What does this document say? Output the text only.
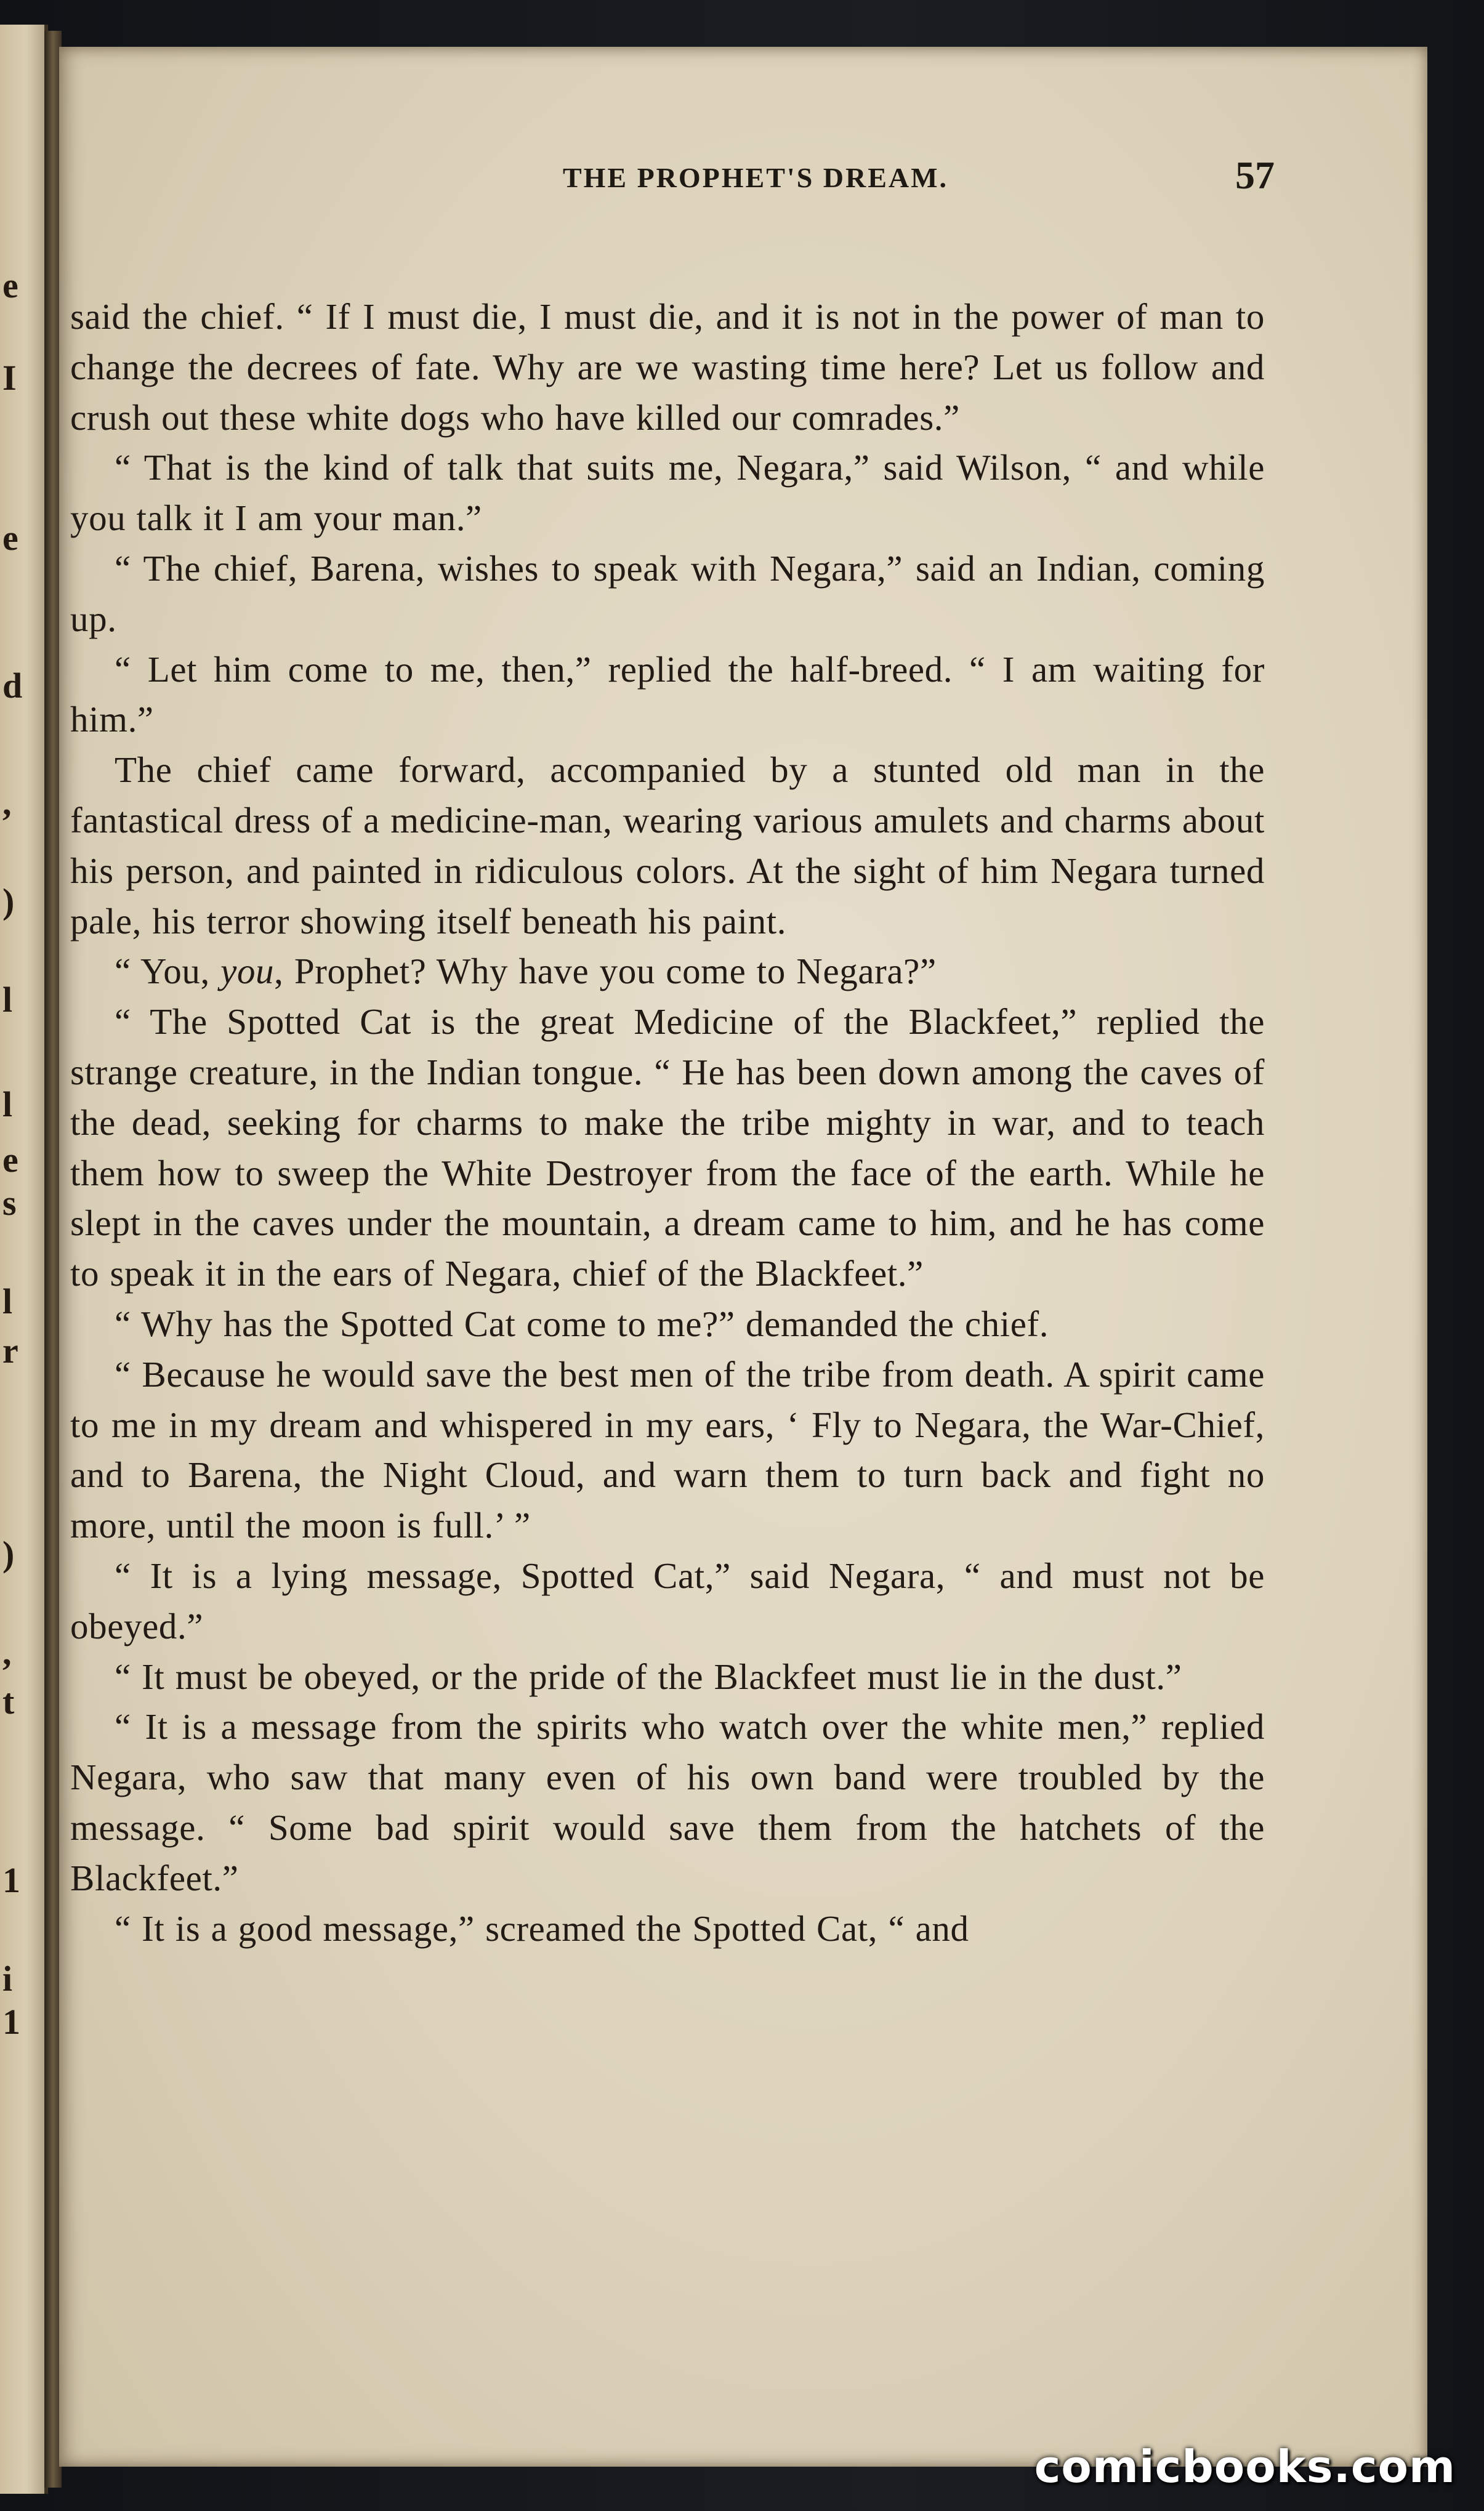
e
I
e
d
,
)
l
l
e
s
l
r
)
,
t
1
i
1
THE PROPHET'S DREAM.	57

said the chief. “ If I must die, I must die, and it is not in the power of man to change the decrees of fate. Why are we wasting time here? Let us follow and crush out these white dogs who have killed our comrades.”

“ That is the kind of talk that suits me, Negara,” said Wilson, “ and while you talk it I am your man.”

“ The chief, Barena, wishes to speak with Negara,” said an Indian, coming up.

“ Let him come to me, then,” replied the half-breed. “ I am waiting for him.”

The chief came forward, accompanied by a stunted old man in the fantastical dress of a medicine-man, wearing various amulets and charms about his person, and painted in ridiculous colors. At the sight of him Negara turned pale, his terror showing itself beneath his paint.

“ You, you, Prophet? Why have you come to Negara?”

“ The Spotted Cat is the great Medicine of the Blackfeet,” replied the strange creature, in the Indian tongue. “ He has been down among the caves of the dead, seeking for charms to make the tribe mighty in war, and to teach them how to sweep the White Destroyer from the face of the earth. While he slept in the caves under the mountain, a dream came to him, and he has come to speak it in the ears of Negara, chief of the Blackfeet.”

“ Why has the Spotted Cat come to me?” demanded the chief.

“ Because he would save the best men of the tribe from death. A spirit came to me in my dream and whispered in my ears, ‘ Fly to Negara, the War-Chief, and to Barena, the Night Cloud, and warn them to turn back and fight no more, until the moon is full.’ ”

“ It is a lying message, Spotted Cat,” said Negara, “ and must not be obeyed.”

“ It must be obeyed, or the pride of the Blackfeet must lie in the dust.”

“ It is a message from the spirits who watch over the white men,” replied Negara, who saw that many even of his own band were troubled by the message. “ Some bad spirit would save them from the hatchets of the Blackfeet.”

“ It is a good message,” screamed the Spotted Cat, “ and

comicbooks.com
